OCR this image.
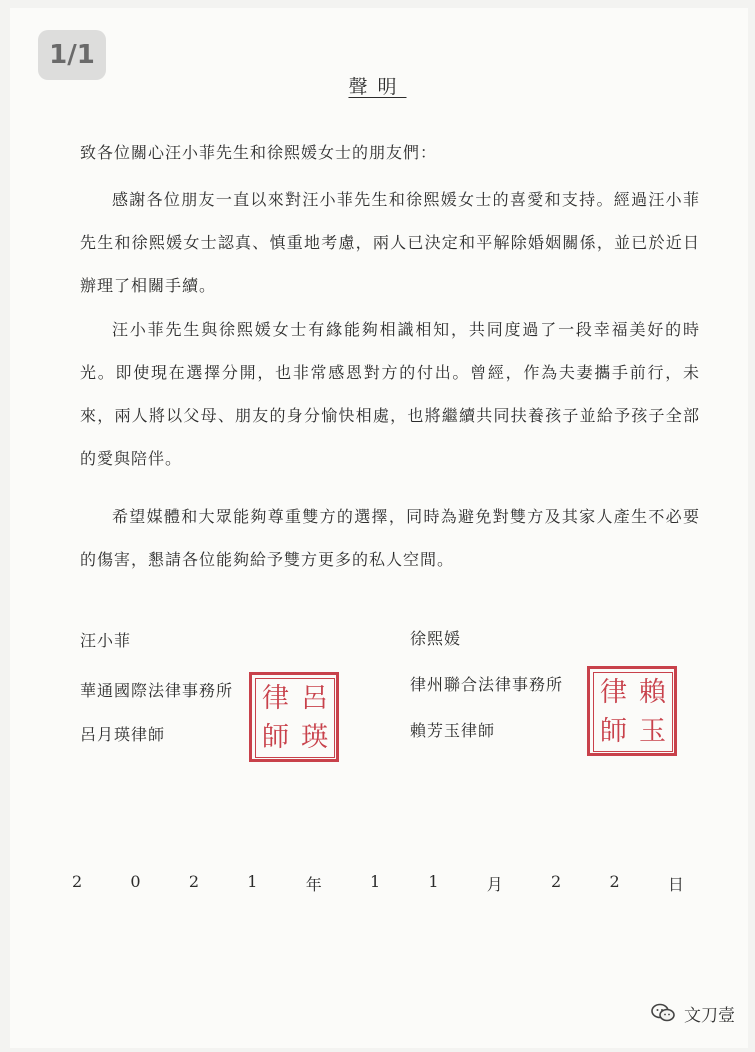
1/1
聲明
致各位關心汪小菲先生和徐熙媛女士的朋友們：
感謝各位朋友一直以來對汪小菲先生和徐熙媛女士的喜愛和支持。經過汪小菲先生和徐熙媛女士認真、慎重地考慮，兩人已決定和平解除婚姻關係，並已於近日辦理了相關手續。
汪小菲先生與徐熙媛女士有緣能夠相識相知，共同度過了一段幸福美好的時光。即使現在選擇分開，也非常感恩對方的付出。曾經，作為夫妻攜手前行，未來，兩人將以父母、朋友的身分愉快相處，也將繼續共同扶養孩子並給予孩子全部的愛與陪伴。
希望媒體和大眾能夠尊重雙方的選擇，同時為避免對雙方及其家人產生不必要的傷害，懇請各位能夠給予雙方更多的私人空間。
汪小菲
華通國際法律事務所
呂月瑛律師
律 呂
師 瑛
徐熙媛
律州聯合法律事務所
賴芳玉律師
律 賴
師 玉
2	0	2	1	年	1	1	月	2	2	日
文刀壹
